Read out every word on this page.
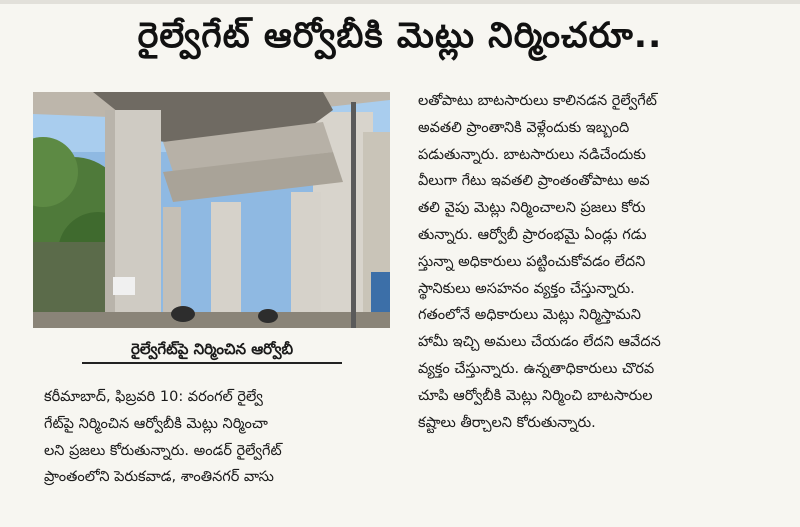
రైల్వేగేట్ ఆర్వోబీకి మెట్లు నిర్మించరూ..
రైల్వేగేట్‌పై నిర్మించిన ఆర్వోబీ
కరీమాబాద్, ఫిబ్రవరి 10: వరంగల్ రైల్వే
గేట్‌పై నిర్మించిన ఆర్వోబీకి మెట్లు నిర్మించా
లని ప్రజలు కోరుతున్నారు. అండర్ రైల్వేగేట్
ప్రాంతంలోని పెరుకవాడ, శాంతినగర్ వాసు
లతోపాటు బాటసారులు కాలినడన రైల్వేగేట్
అవతలి ప్రాంతానికి వెళ్లేందుకు ఇబ్బంది
పడుతున్నారు. బాటసారులు నడిచేందుకు
వీలుగా గేటు ఇవతలి ప్రాంతంతోపాటు అవ
తలి వైపు మెట్లు నిర్మించాలని ప్రజలు కోరు
తున్నారు. ఆర్వోబీ ప్రారంభమై ఏండ్లు గడు
స్తున్నా అధికారులు పట్టించుకోవడం లేదని
స్థానికులు అసహనం వ్యక్తం చేస్తున్నారు.
గతంలోనే అధికారులు మెట్లు నిర్మిస్తామని
హామీ ఇచ్చి అమలు చేయడం లేదని ఆవేదన
వ్యక్తం చేస్తున్నారు. ఉన్నతాధికారులు చొరవ
చూపి ఆర్వోబీకి మెట్లు నిర్మించి బాటసారుల
కష్టాలు తీర్చాలని కోరుతున్నారు.
